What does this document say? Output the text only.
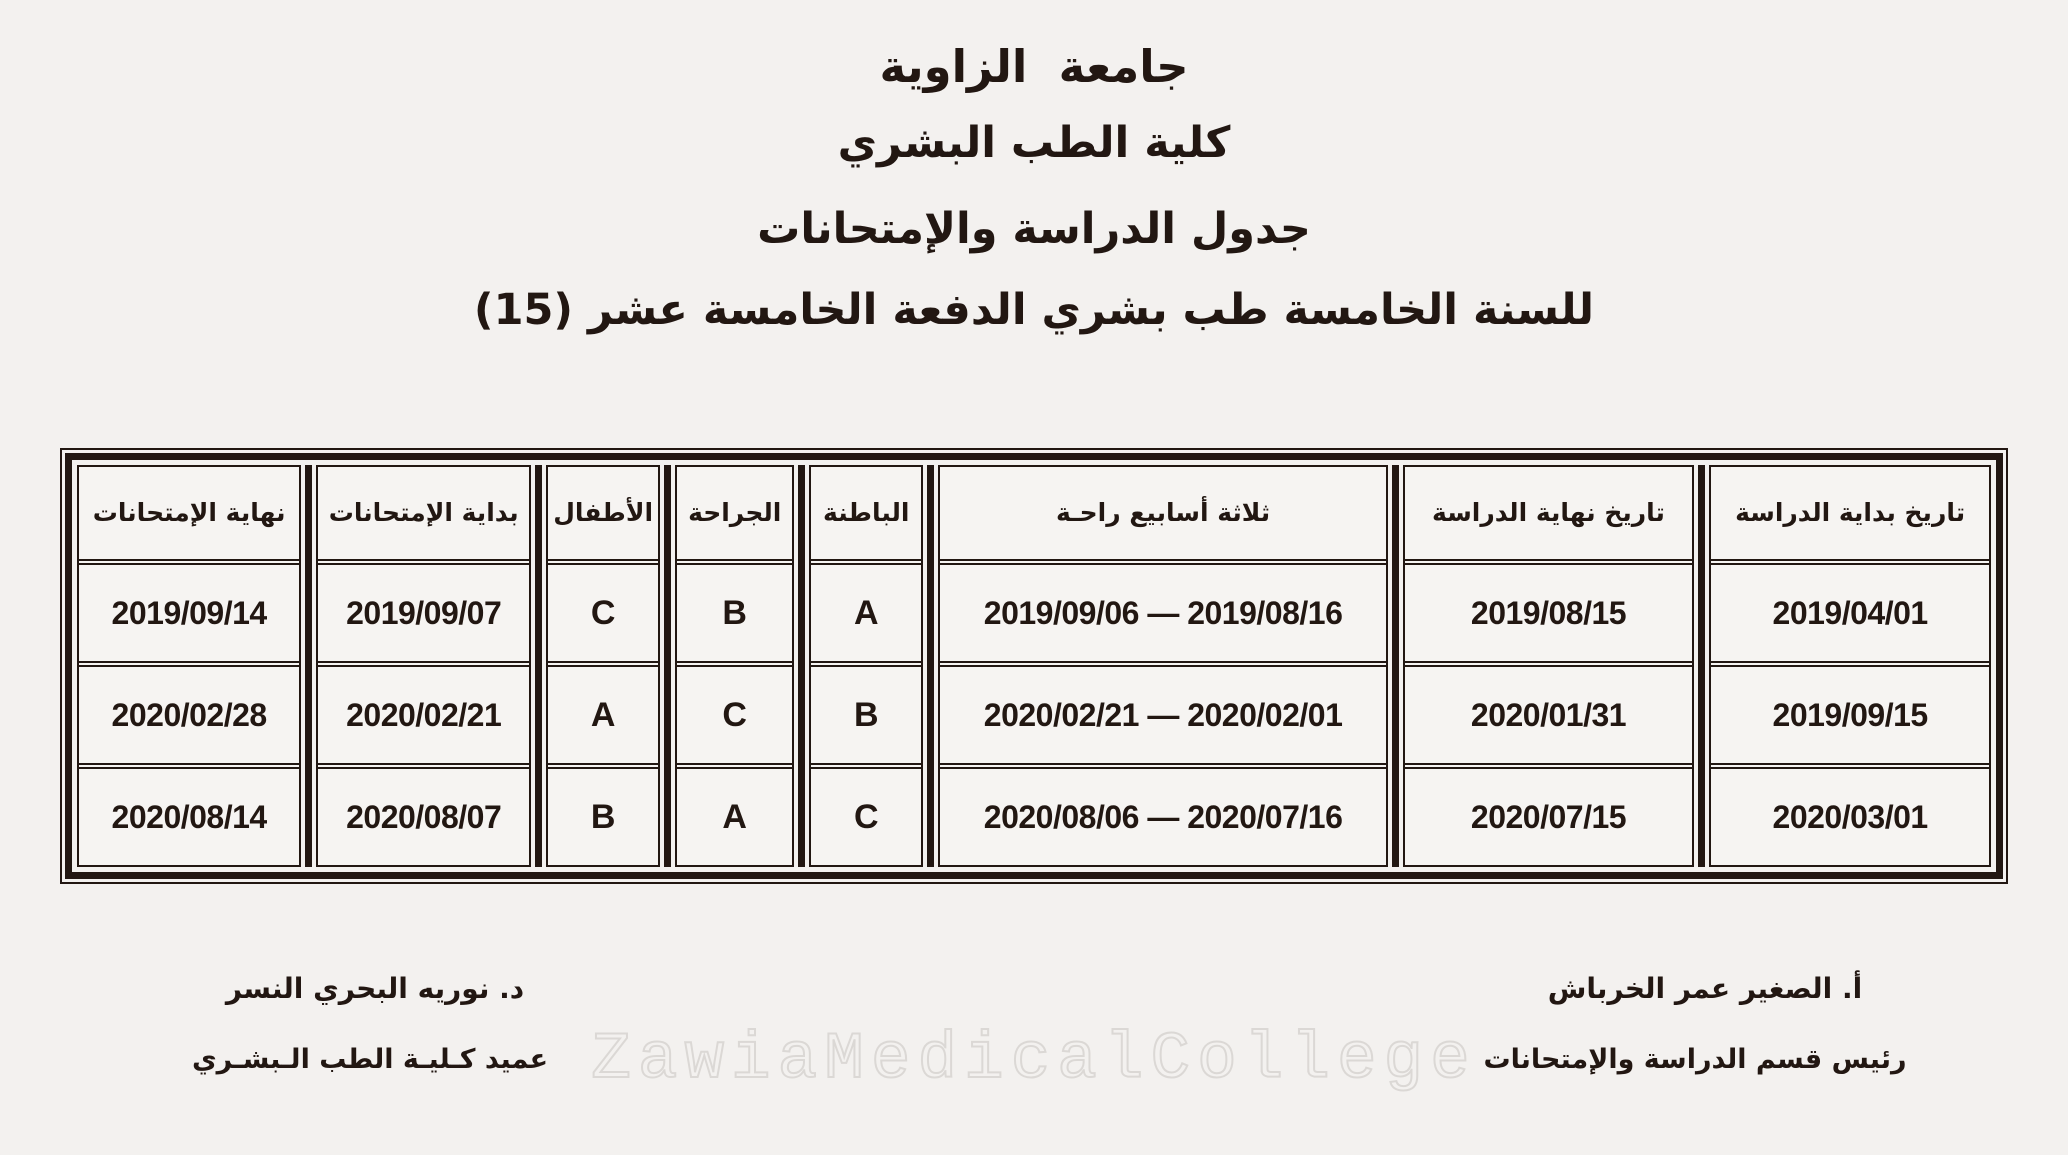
جامعة  الزاوية
كلية الطب البشري
جدول الدراسة والإمتحانات
للسنة الخامسة طب بشري الدفعة الخامسة عشر (15)
تاريخ بداية الدراسة
2019/04/01
2019/09/15
2020/03/01
تاريخ نهاية الدراسة
2019/08/15
2020/01/31
2020/07/15
ثلاثة أسابيع راحـة
2019/09/06 — 2019/08/16
2020/02/21 — 2020/02/01
2020/08/06 — 2020/07/16
الباطنة
A
B
C
الجراحة
B
C
A
الأطفال
C
A
B
بداية الإمتحانات
2019/09/07
2020/02/21
2020/08/07
نهاية الإمتحانات
2019/09/14
2020/02/28
2020/08/14
أ. الصغير عمر الخرباش
رئيس قسم الدراسة والإمتحانات
د. نوريه البحري النسر
عميد كـليـة الطب الـبشـري ZawiaMedicalCollege
